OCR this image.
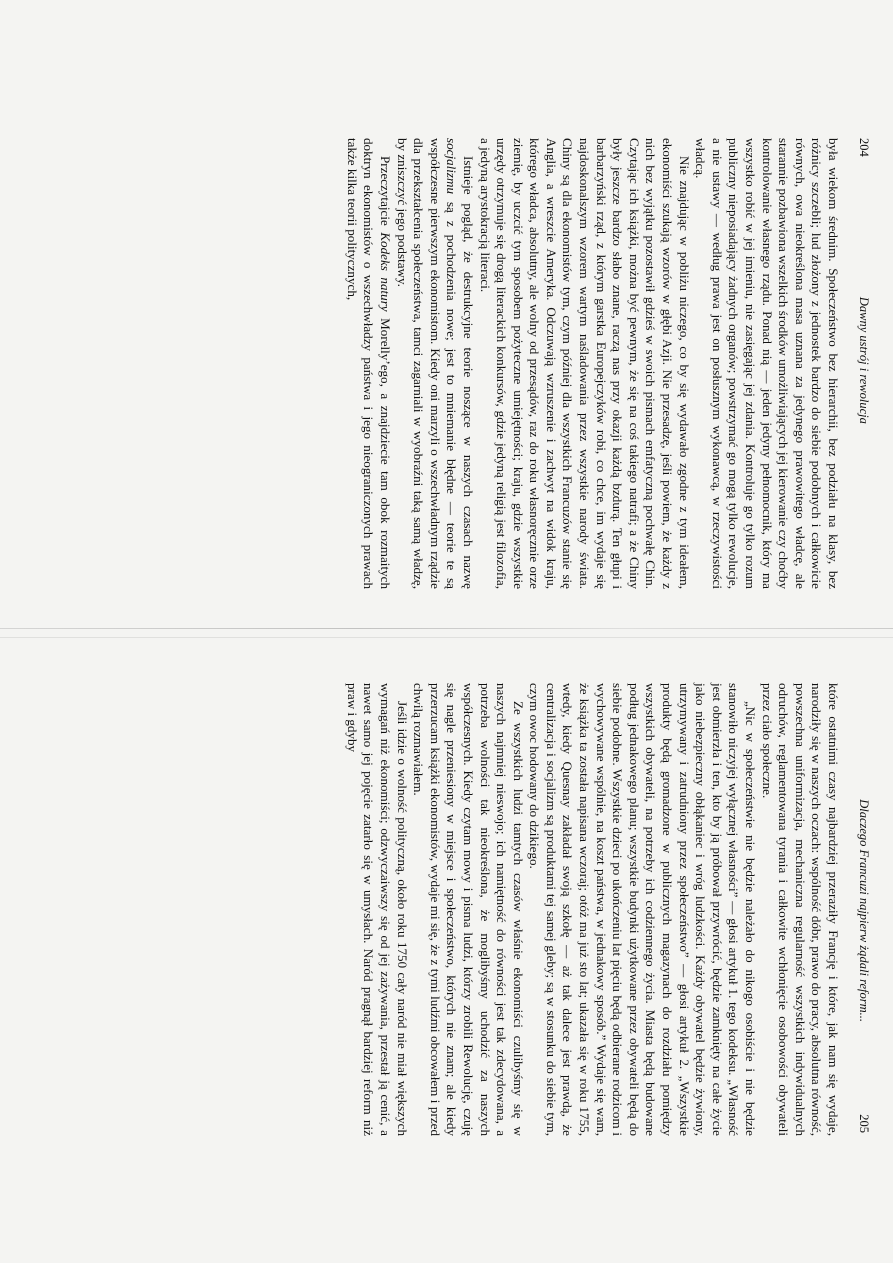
204
Dawny ustrój i rewolucja

była wiekom średnim. Społeczeństwo bez hierarchii, bez podziału na klasy, bez różnicy szczebli; lud złożony z jednostek bardzo do siebie podobnych i całkowicie równych, owa nieokreślona masa uznana za jedynego prawowitego władcę, ale starannie pozbawiona wszelkich środków umożliwiających jej kierowanie czy choćby kontrolowanie własnego rządu. Ponad nią — jeden jedyny pełnomocnik, który ma wszystko robić w jej imieniu, nie zasięgając jej zdania. Kontroluje go tylko rozum publiczny nieposiadający żadnych organów; powstrzymać go mogą tylko rewolucje, a nie ustawy — według prawa jest on posłusznym wykonawcą, w rzeczywistości władcą.

Nie znajdując w pobliżu niczego, co by się wydawało zgodne z tym ideałem, ekonomiści szukają wzorów w głębi Azji. Nie przesadzę, jeśli powiem, że każdy z nich bez wyjątku pozostawił gdzieś w swoich pismach emfatyczną pochwałę Chin. Czytając ich książki, można być pewnym, że się na coś takiego natrafi; a że Chiny były jeszcze bardzo słabo znane, raczą nas przy okazji każdą bzdurą. Ten głupi i barbarzyński rząd, z którym garstka Europejczyków robi, co chce, im wydaje się najdoskonalszym wzorem wartym naśladowania przez wszystkie narody świata. Chiny są dla ekonomistów tym, czym później dla wszystkich Francuzów stanie się Anglia, a wreszcie Ameryka. Odczuwają wzruszenie i zachwyt na widok kraju, którego władca, absolutny, ale wolny od przesądów, raz do roku własnoręcznie orze ziemię, by uczcić tym sposobem pożyteczne umiejętności; kraju, gdzie wszystkie urzędy otrzymuje się drogą literackich konkursów, gdzie jedyną religią jest filozofia, a jedyną arystokracją literaci.

Istnieje pogląd, że destrukcyjne teorie noszące w naszych czasach nazwę socjalizmu są z pochodzenia nowe; jest to mniemanie błędne — teorie te są współczesne pierwszym ekonomistom. Kiedy oni marzyli o wszechwładnym rządzie dla przekształcenia społeczeństwa, tamci zagarniali w wyobraźni taką samą władzę, by zniszczyć jego podstawy.

Przeczytajcie Kodeks natury Morelly’ego, a znajdziecie tam obok rozmaitych doktryn ekonomistów o wszechwładzy państwa i jego nieograniczonych prawach także kilka teorii politycznych,

Dlaczego Francuzi najpierw żądali reform...
205

które ostatnimi czasy najbardziej przeraziły Francję i które, jak nam się wydaje, narodziły się w naszych oczach: wspólność dóbr, prawo do pracy, absolutna równość, powszechna uniformizacja, mechaniczna regularność wszystkich indywidualnych odruchów, reglamentowana tyrania i całkowite wchłonięcie osobowości obywateli przez ciało społeczne.

„Nic w społeczeństwie nie będzie należało do nikogo osobiście i nie będzie stanowiło niczyjej wyłącznej własności” — głosi artykuł 1. tego kodeksu. „Własność jest obmierzła i ten, kto by ją próbował przywrócić, będzie zamknięty na całe życie jako niebezpieczny obłąkaniec i wróg ludzkości. Każdy obywatel będzie żywiony, utrzymywany i zatrudniony przez społeczeństwo” — głosi artykuł 2. „Wszystkie produkty będą gromadzone w publicznych magazynach do rozdziału pomiędzy wszystkich obywateli, na potrzeby ich codziennego życia. Miasta będą budowane podług jednakowego planu; wszystkie budynki użytkowane przez obywateli będą do siebie podobne. Wszystkie dzieci po ukończeniu lat pięciu będą odbierane rodzicom i wychowywane wspólnie, na koszt państwa, w jednakowy sposób.” Wydaje się wam, że książka ta została napisana wczoraj; otóż ma już sto lat; ukazała się w roku 1755, wtedy, kiedy Quesnay zakładał swoją szkołę — aż tak dalece jest prawdą, że centralizacja i socjalizm są produktami tej samej gleby; są w stosunku do siebie tym, czym owoc hodowany do dzikiego.

Ze wszystkich ludzi tamtych czasów właśnie ekonomiści czulibyśmy się w naszych najmniej nieswojo; ich namiętność do równości jest tak zdecydowana, a potrzeba wolności tak nieokreślona, że moglibyśmy uchodzić za naszych współczesnych. Kiedy czytam mowy i pisma ludzi, którzy zrobili Rewolucję, czuję się nagle przeniesiony w miejsce i społeczeństwo, których nie znam; ale kiedy przerzucam książki ekonomistów, wydaje mi się, że z tymi ludźmi obcowałem i przed chwilą rozmawiałem.

Jeśli idzie o wolność polityczną, około roku 1750 cały naród nie miał większych wymagań niż ekonomiści; odzwyczaiwszy się od jej zażywania, przestał ją cenić, a nawet samo jej pojęcie zatarło się w umysłach. Naród pragnął bardziej reform niż praw i gdyby
